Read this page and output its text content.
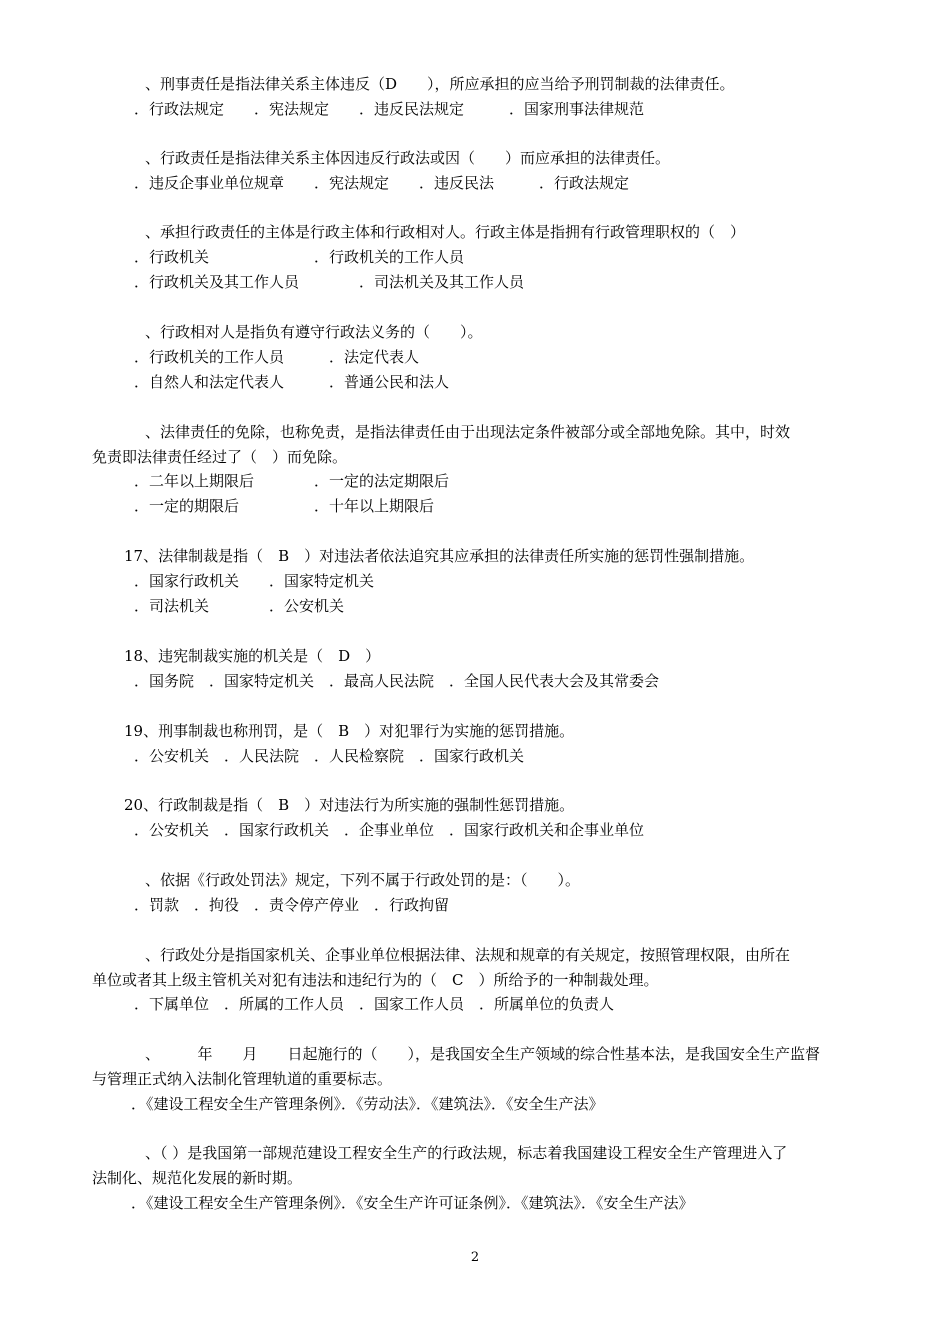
、刑事责任是指法律关系主体违反（D　　），所应承担的应当给予刑罚制裁的法律责任。
．行政法规定　　．宪法规定　　．违反民法规定　　　．国家刑事法律规范
、行政责任是指法律关系主体因违反行政法或因（　　）而应承担的法律责任。
．违反企事业单位规章　　．宪法规定　　．违反民法　　　．行政法规定
、承担行政责任的主体是行政主体和行政相对人。行政主体是指拥有行政管理职权的（　）
．行政机关　　　　　　　．行政机关的工作人员
．行政机关及其工作人员　　　　．司法机关及其工作人员
、行政相对人是指负有遵守行政法义务的（　　）。
．行政机关的工作人员　　　．法定代表人
．自然人和法定代表人　　　．普通公民和法人
、法律责任的免除，也称免责，是指法律责任由于出现法定条件被部分或全部地免除。其中，时效
免责即法律责任经过了（　）而免除。
．二年以上期限后　　　　．一定的法定期限后
．一定的期限后　　　　　．十年以上期限后
17、法律制裁是指（　B　）对违法者依法追究其应承担的法律责任所实施的惩罚性强制措施。
．国家行政机关　　．国家特定机关
．司法机关　　　　．公安机关
18、违宪制裁实施的机关是（　D　）
．国务院　．国家特定机关　．最高人民法院　．全国人民代表大会及其常委会
19、刑事制裁也称刑罚，是（　B　）对犯罪行为实施的惩罚措施。
．公安机关　．人民法院　．人民检察院　．国家行政机关
20、行政制裁是指（　B　）对违法行为所实施的强制性惩罚措施。
．公安机关　．国家行政机关　．企事业单位　．国家行政机关和企事业单位
、依据《行政处罚法》规定，下列不属于行政处罚的是：（　　）。
．罚款　．拘役　．责令停产停业　．行政拘留
、行政处分是指国家机关、企事业单位根据法律、法规和规章的有关规定，按照管理权限，由所在
单位或者其上级主管机关对犯有违法和违纪行为的（　C　）所给予的一种制裁处理。
．下属单位　．所属的工作人员　．国家工作人员　．所属单位的负责人
、　　　年　　月　　日起施行的（　　），是我国安全生产领域的综合性基本法，是我国安全生产监督
与管理正式纳入法制化管理轨道的重要标志。
．《建设工程安全生产管理条例》．《劳动法》．《建筑法》．《安全生产法》
、（ ）是我国第一部规范建设工程安全生产的行政法规，标志着我国建设工程安全生产管理进入了
法制化、规范化发展的新时期。
．《建设工程安全生产管理条例》．《安全生产许可证条例》．《建筑法》．《安全生产法》
2
